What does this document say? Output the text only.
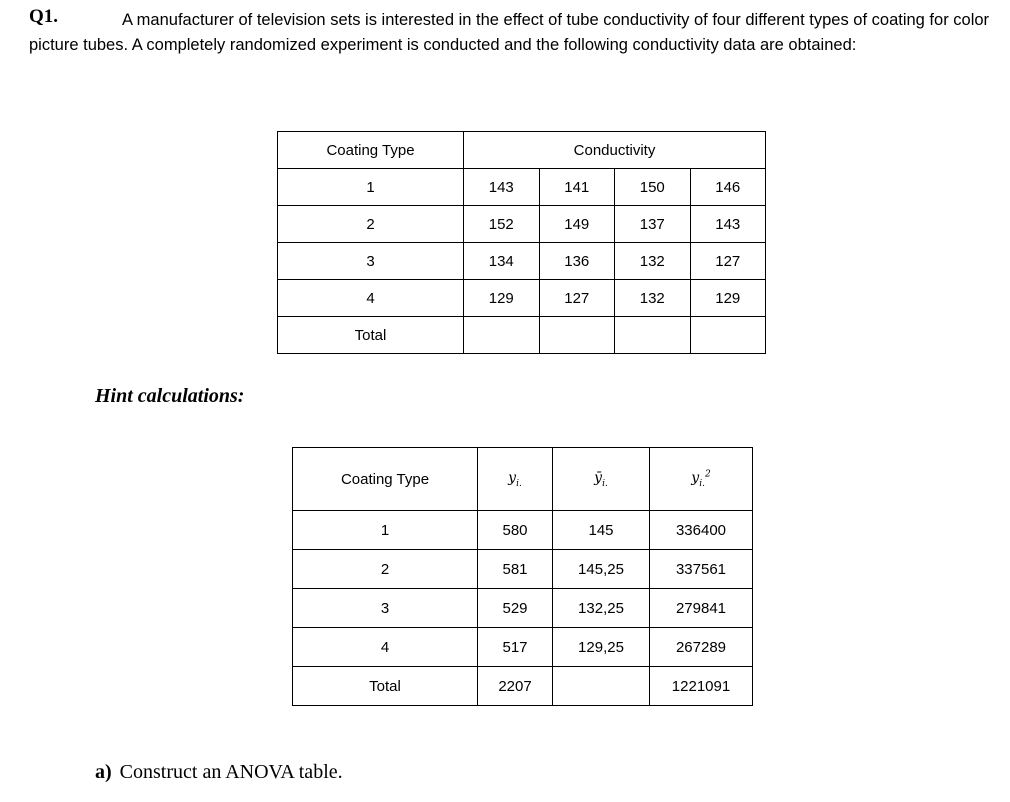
Q1.	A manufacturer of television sets is interested in the effect of tube conductivity of four different types of coating for color picture tubes. A completely randomized experiment is conducted and the following conductivity data are obtained:
Coating Type	Conductivity			
1	143	141	150	146
2	152	149	137	143
3	134	136	132	127
4	129	127	132	129
Total				
Hint calculations:
Coating Type	$y_{i.}$	$ȳ_{i.}$	$y_{i.}^2$
1	580	145	336400
2	581	145,25	337561
3	529	132,25	279841
4	517	129,25	267289
Total	2207		1221091
a) Construct an ANOVA table.
